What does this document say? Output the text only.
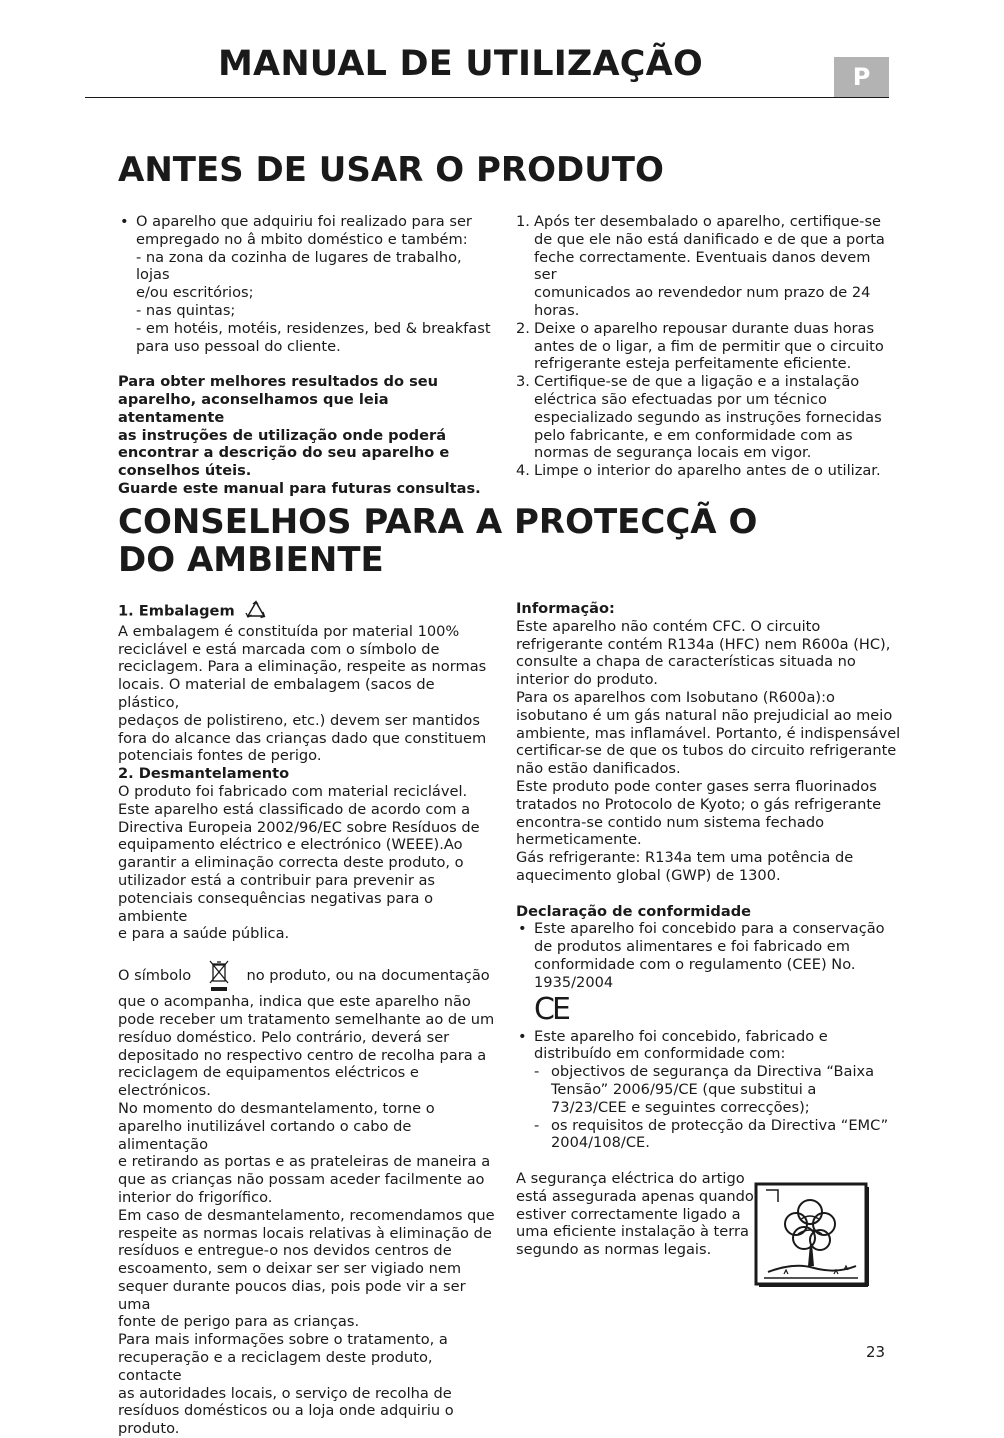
MANUAL DE UTILIZAÇÃO	P
ANTES DE USAR O PRODUTO

• O aparelho que adquiriu foi realizado para ser

empregado no â mbito doméstico e também:

- na zona da cozinha de lugares de trabalho, lojas

e/ou escritórios;

- nas quintas;

- em hotéis, motéis, residenzes, bed & breakfast

para uso pessoal do cliente.

Para obter melhores resultados do seu

aparelho, aconselhamos que leia atentamente

as instruções de utilização onde poderá

encontrar a descrição do seu aparelho e

conselhos úteis.

Guarde este manual para futuras consultas.

1. Após ter desembalado o aparelho, certifique-se

de que ele não está danificado e de que a porta

feche correctamente. Eventuais danos devem ser

comunicados ao revendedor num prazo de 24

horas.

2. Deixe o aparelho repousar durante duas horas

antes de o ligar, a fim de permitir que o circuito

refrigerante esteja perfeitamente eficiente.

3. Certifique-se de que a ligação e a instalação

eléctrica são efectuadas por um técnico

especializado segundo as instruções fornecidas

pelo fabricante, e em conformidade com as

normas de segurança locais em vigor.

4. Limpe o interior do aparelho antes de o utilizar.

CONSELHOS PARA A PROTECÇÃ O
DO AMBIENTE

1. Embalagem

A embalagem é constituída por material 100%

reciclável e está marcada com o símbolo de

reciclagem. Para a eliminação, respeite as normas

locais. O material de embalagem (sacos de plástico,

pedaços de polistireno, etc.) devem ser mantidos

fora do alcance das crianças dado que constituem

potenciais fontes de perigo.

2. Desmantelamento

O produto foi fabricado com material reciclável.

Este aparelho está classificado de acordo com a

Directiva Europeia 2002/96/EC sobre Resíduos de

equipamento eléctrico e electrónico (WEEE).Ao

garantir a eliminação correcta deste produto, o

utilizador está a contribuir para prevenir as

potenciais consequências negativas para o ambiente

e para a saúde pública.

O símbolo	no produto, ou na documentação

que o acompanha, indica que este aparelho não

pode receber um tratamento semelhante ao de um

resíduo doméstico. Pelo contrário, deverá ser

depositado no respectivo centro de recolha para a

reciclagem de equipamentos eléctricos e

electrónicos.

No momento do desmantelamento, torne o

aparelho inutilizável cortando o cabo de alimentação

e retirando as portas e as prateleiras de maneira a

que as crianças não possam aceder facilmente ao

interior do frigorífico.

Em caso de desmantelamento, recomendamos que

respeite as normas locais relativas à eliminação de

resíduos e entregue-o nos devidos centros de

escoamento, sem o deixar ser ser vigiado nem

sequer durante poucos dias, pois pode vir a ser uma

fonte de perigo para as crianças.

Para mais informações sobre o tratamento, a

recuperação e a reciclagem deste produto, contacte

as autoridades locais, o serviço de recolha de

resíduos domésticos ou a loja onde adquiriu o

produto.

Informação:

Este aparelho não contém CFC. O circuito

refrigerante contém R134a (HFC) nem R600a (HC),

consulte a chapa de características situada no

interior do produto.

Para os aparelhos com Isobutano (R600a):o

isobutano é um gás natural não prejudicial ao meio

ambiente, mas inflamável. Portanto, é indispensável

certificar-se de que os tubos do circuito refrigerante

não estão danificados.

Este produto pode conter gases serra fluorinados

tratados no Protocolo de Kyoto; o gás refrigerante

encontra-se contido num sistema fechado

hermeticamente.

Gás refrigerante: R134a tem uma potência de

aquecimento global (GWP) de 1300.

Declaração de conformidade

• Este aparelho foi concebido para a conservação

de produtos alimentares e foi fabricado em

conformidade com o regulamento (CEE) No.

1935/2004

CE

• Este aparelho foi concebido, fabricado e

distribuído em conformidade com:

- objectivos de segurança da Directiva “Baixa

Tensão” 2006/95/CE (que substitui a

73/23/CEE e seguintes correcções);

- os requisitos de protecção da Directiva “EMC”

2004/108/CE.

A segurança eléctrica do artigo

está assegurada apenas quando

estiver correctamente ligado a

uma eficiente instalação à terra

segundo as normas legais.

23
